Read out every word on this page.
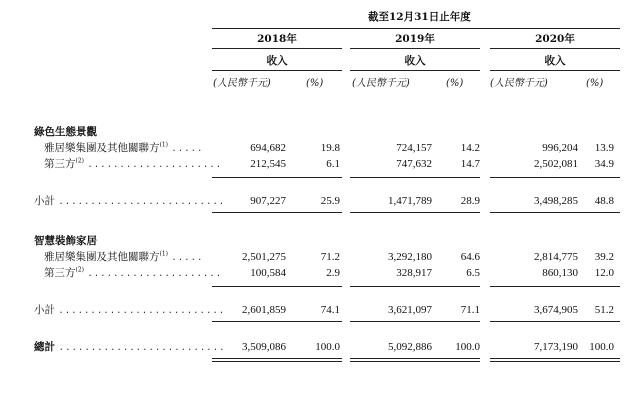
截至12月31日止年度
2018年	2019年	2020年
收入	收入	收入
(人民幣千元)	(%)	(人民幣千元)	(%)	(人民幣千元)	(%)
綠色生態景觀
雅居樂集團及其他關聯方$^{(1)}$ .....	694,682	19.8	724,157	14.2	996,204	13.9
第三方$^{(2)}$ .....................	212,545	6.1	747,632	14.7	2,502,081	34.9
小計 ..........................	907,227	25.9	1,471,789	28.9	3,498,285	48.8
智慧裝飾家居
雅居樂集團及其他關聯方$^{(1)}$ .....	2,501,275	71.2	3,292,180	64.6	2,814,775	39.2
第三方$^{(2)}$ .....................	100,584	2.9	328,917	6.5	860,130	12.0
小計 ..........................	2,601,859	74.1	3,621,097	71.1	3,674,905	51.2
總計 ..........................	3,509,086	100.0	5,092,886	100.0	7,173,190	100.0
